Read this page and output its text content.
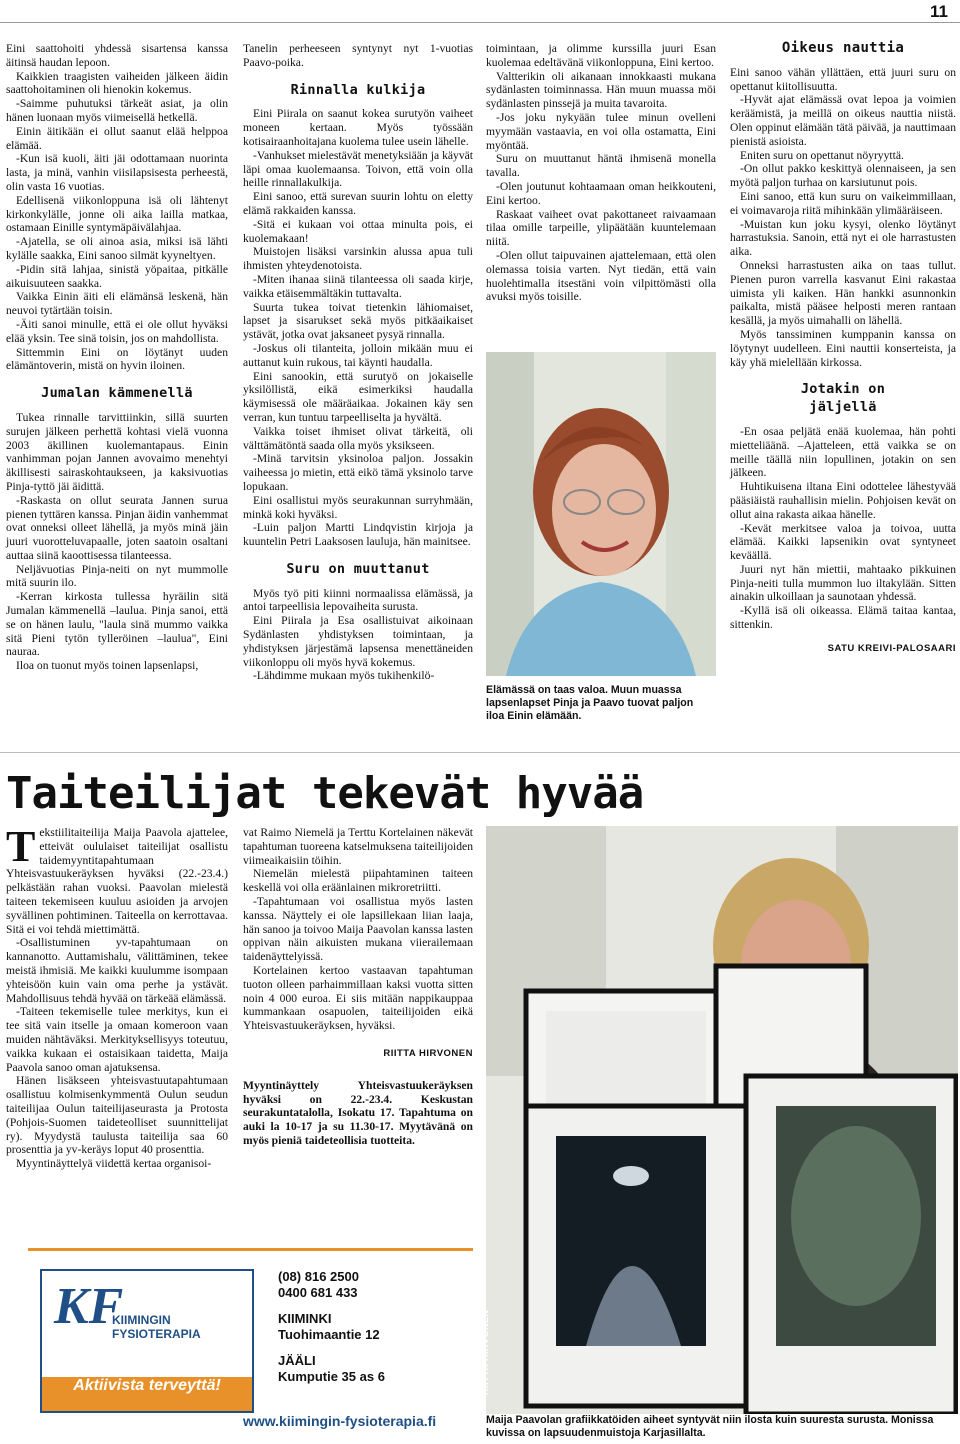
11

Eini saattohoiti yhdessä sisartensa kanssa äitinsä haudan lepoon.

Kaikkien traagisten vaiheiden jälkeen äidin saattohoitaminen oli hienokin kokemus.

-Saimme puhutuksi tärkeät asiat, ja olin hänen luonaan myös viimeisellä hetkellä.

Einin äitikään ei ollut saanut elää helppoa elämää.

-Kun isä kuoli, äiti jäi odottamaan nuorinta lasta, ja minä, vanhin viisilapsisesta perheestä, olin vasta 16 vuotias.

Edellisenä viikonloppuna isä oli lähtenyt kirkonkylälle, jonne oli aika lailla matkaa, ostamaan Einille syntymäpäivälahjaa.

-Ajatella, se oli ainoa asia, miksi isä lähti kylälle saakka, Eini sanoo silmät kyyneltyen.

-Pidin sitä lahjaa, sinistä yöpaitaa, pitkälle aikuisuuteen saakka.

Vaikka Einin äiti eli elämänsä leskenä, hän neuvoi tytärtään toisin.

-Äiti sanoi minulle, että ei ole ollut hyväksi elää yksin. Tee sinä toisin, jos on mahdollista.

Sittemmin Eini on löytänyt uuden elämäntoverin, mistä on hyvin iloinen.

Jumalan kämmenellä

Tukea rinnalle tarvittiinkin, sillä suurten surujen jälkeen perhettä kohtasi vielä vuonna 2003 äkillinen kuolemantapaus. Einin vanhimman pojan Jannen avovaimo menehtyi äkillisesti sairaskohtaukseen, ja kaksivuotias Pinja-tyttö jäi äidittä.

-Raskasta on ollut seurata Jannen surua pienen tyttären kanssa. Pinjan äidin vanhemmat ovat onneksi olleet lähellä, ja myös minä jäin juuri vuorotteluvapaalle, joten saatoin osaltani auttaa siinä kaoottisessa tilanteessa.

Neljävuotias Pinja-neiti on nyt mummolle mitä suurin ilo.

-Kerran kirkosta tullessa hyräilin sitä Jumalan kämmenellä –laulua. Pinja sanoi, että se on hänen laulu, "laula sinä mummo vaikka sitä Pieni tytön tylleröinen –laulua", Eini nauraa.

Iloa on tuonut myös toinen lapsenlapsi,

Tanelin perheeseen syntynyt nyt 1-vuotias Paavo-poika.

Rinnalla kulkija

Eini Piirala on saanut kokea surutyön vaiheet moneen kertaan. Myös työssään kotisairaanhoitajana kuolema tulee usein lähelle.

-Vanhukset mielestävät menetyksiään ja käyvät läpi omaa kuolemaansa. Toivon, että voin olla heille rinnallakulkija.

Eini sanoo, että surevan suurin lohtu on eletty elämä rakkaiden kanssa.

-Sitä ei kukaan voi ottaa minulta pois, ei kuolemakaan!

Muistojen lisäksi varsinkin alussa apua tuli ihmisten yhteydenotoista.

-Miten ihanaa siinä tilanteessa oli saada kirje, vaikka etäisemmältäkin tuttavalta.

Suurta tukea toivat tietenkin lähiomaiset, lapset ja sisarukset sekä myös pitkäaikaiset ystävät, jotka ovat jaksaneet pysyä rinnalla.

-Joskus oli tilanteita, jolloin mikään muu ei auttanut kuin rukous, tai käynti haudalla.

Eini sanookin, että surutyö on jokaiselle yksilöllistä, eikä esimerkiksi haudalla käymisessä ole määräaikaa. Jokainen käy sen verran, kun tuntuu tarpeelliselta ja hyvältä.

Vaikka toiset ihmiset olivat tärkeitä, oli välttämätöntä saada olla myös yksikseen.

-Minä tarvitsin yksinoloa paljon. Jossakin vaiheessa jo mietin, että eikö tämä yksinolo tarve lopukaan.

Eini osallistui myös seurakunnan surryhmään, minkä koki hyväksi.

-Luin paljon Martti Lindqvistin kirjoja ja kuuntelin Petri Laaksosen lauluja, hän mainitsee.

Suru on muuttanut

Myös työ piti kiinni normaalissa elämässä, ja antoi tarpeellisia lepovaiheita surusta.

Eini Piirala ja Esa osallistuivat aikoinaan Sydänlasten yhdistyksen toimintaan, ja yhdistyksen järjestämä lapsensa menettäneiden viikonloppu oli myös hyvä kokemus.

-Lähdimme mukaan myös tukihenkilö-

toimintaan, ja olimme kurssilla juuri Esan kuolemaa edeltävänä viikonloppuna, Eini kertoo.

Valtterikin oli aikanaan innokkaasti mukana sydänlasten toiminnassa. Hän muun muassa möi sydänlasten pinssejä ja muita tavaroita.

-Jos joku nykyään tulee minun ovelleni myymään vastaavia, en voi olla ostamatta, Eini myöntää.

Suru on muuttanut häntä ihmisenä monella tavalla.

-Olen joutunut kohtaamaan oman heikkouteni, Eini kertoo.

Raskaat vaiheet ovat pakottaneet raivaamaan tilaa omille tarpeille, ylipäätään kuuntelemaan niitä.

-Olen ollut taipuvainen ajattelemaan, että olen olemassa toisia varten. Nyt tiedän, että vain huolehtimalla itsestäni voin vilpittömästi olla avuksi myös toisille.

Elämässä on taas valoa. Muun muassa lapsenlapset Pinja ja Paavo tuovat paljon iloa Einin elämään.
Oikeus nauttia

Eini sanoo vähän yllättäen, että juuri suru on opettanut kiitollisuutta.

-Hyvät ajat elämässä ovat lepoa ja voimien keräämistä, ja meillä on oikeus nauttia niistä. Olen oppinut elämään tätä päivää, ja nauttimaan pienistä asioista.

Eniten suru on opettanut nöyryyttä.

-On ollut pakko keskittyä olennaiseen, ja sen myötä paljon turhaa on karsiutunut pois.

Eini sanoo, että kun suru on vaikeimmillaan, ei voimavaroja riitä mihinkään ylimääräiseen.

-Muistan kun joku kysyi, olenko löytänyt harrastuksia. Sanoin, että nyt ei ole harrastusten aika.

Onneksi harrastusten aika on taas tullut. Pienen puron varrella kasvanut Eini rakastaa uimista yli kaiken. Hän hankki asunnonkin paikalta, mistä pääsee helposti meren rantaan kesällä, ja myös uimahalli on lähellä.

Myös tanssiminen kumppanin kanssa on löytynyt uudelleen. Eini nauttii konserteista, ja käy yhä mielellään kirkossa.

Jotakin on
jäljellä

-En osaa peljätä enää kuolemaa, hän pohti mietteliäänä. –Ajatteleen, että vaikka se on meille täällä niin lopullinen, jotakin on sen jälkeen.

Huhtikuisena iltana Eini odottelee lähestyvää pääsiäistä rauhallisin mielin. Pohjoisen kevät on ollut aina rakasta aikaa hänelle.

-Kevät merkitsee valoa ja toivoa, uutta elämää. Kaikki lapsenikin ovat syntyneet keväällä.

Juuri nyt hän miettii, mahtaako pikkuinen Pinja-neiti tulla mummon luo iltakylään. Sitten ainakin ulkoillaan ja saunotaan yhdessä.

-Kyllä isä oli oikeassa. Elämä taitaa kantaa, sittenkin.

SATU KREIVI-PALOSAARI
Taiteilijat tekevät hyvää

Tekstiilitaiteilija Maija Paavola ajattelee, etteivät oululaiset taiteilijat osallistu taidemyyntitapahtumaan Yhteisvastuukeräyksen hyväksi (22.-23.4.) pelkästään rahan vuoksi. Paavolan mielestä taiteen tekemiseen kuuluu asioiden ja arvojen syvällinen pohtiminen. Taiteella on kerrottavaa. Sitä ei voi tehdä miettimättä.

-Osallistuminen yv-tapahtumaan on kannanotto. Auttamishalu, välittäminen, tekee meistä ihmisiä. Me kaikki kuulumme isompaan yhteisöön kuin vain oma perhe ja ystävät. Mahdollisuus tehdä hyvää on tärkeää elämässä.

-Taiteen tekemiselle tulee merkitys, kun ei tee sitä vain itselle ja omaan komeroon vaan muiden nähtäväksi. Merkityksellisyys toteutuu, vaikka kukaan ei ostaisikaan taidetta, Maija Paavola sanoo oman ajatuksensa.

Hänen lisäkseen yhteisvastuutapahtumaan osallistuu kolmisenkymmentä Oulun seudun taiteilijaa Oulun taiteilijaseurasta ja Protosta (Pohjois-Suomen taideteolliset suunnittelijat ry). Myydystä taulusta taiteilija saa 60 prosenttia ja yv-keräys loput 40 prosenttia.

Myyntinäyttelyä viidettä kertaa organisoi-

vat Raimo Niemelä ja Terttu Kortelainen näkevät tapahtuman tuoreena katselmuksena taiteilijoiden viimeaikaisiin töihin.

Niemelän mielestä piipahtaminen taiteen keskellä voi olla eräänlainen mikroretriitti.

-Tapahtumaan voi osallistua myös lasten kanssa. Näyttely ei ole lapsillekaan liian laaja, hän sanoo ja toivoo Maija Paavolan kanssa lasten oppivan näin aikuisten mukana viierailemaan taidenäyttelyissä.

Kortelainen kertoo vastaavan tapahtuman tuoton olleen parhaimmillaan kaksi vuotta sitten noin 4 000 euroa. Ei siis mitään nappikauppaa kummankaan osapuolen, taiteilijoiden eikä Yhteisvastuukeräyksen, hyväksi.

RIITTA HIRVONEN

Myyntinäyttely Yhteisvastuukeräyksen hyväksi on 22.-23.4. Keskustan seurakuntatalolla, Isokatu 17. Tapahtuma on auki la 10-17 ja su 11.30-17. Myytävänä on myös pieniä taideteollisia tuotteita.

RIITTA HIRVONEN
Maija Paavolan grafiikkatöiden aiheet syntyvät niin ilosta kuin suuresta surusta. Monissa kuvissa on lapsuudenmuistoja Karjasillalta.
KF
KIIMINGIN FYSIOTERAPIA
Aktiivista terveyttä!
(08) 816 2500
0400 681 433
KIIMINKI
Tuohimaantie 12
JÄÄLI
Kumputie 35 as 6
www.kiimingin-fysioterapia.fi
